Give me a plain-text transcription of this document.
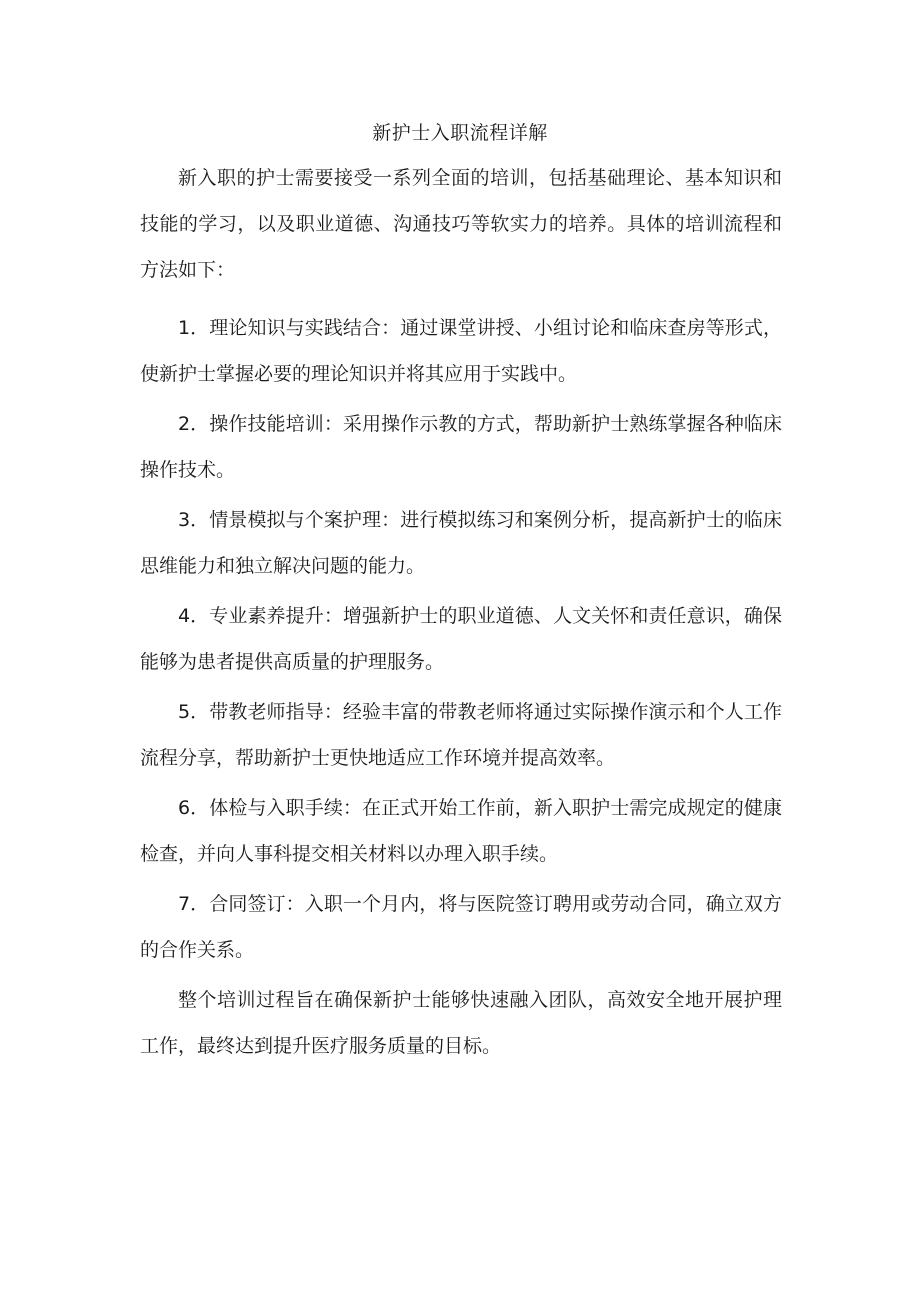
新护士入职流程详解

新入职的护士需要接受一系列全面的培训，包括基础理论、基本知识和技能的学习，以及职业道德、沟通技巧等软实力的培养。具体的培训流程和方法如下：

1．理论知识与实践结合：通过课堂讲授、小组讨论和临床查房等形式，使新护士掌握必要的理论知识并将其应用于实践中。

2．操作技能培训：采用操作示教的方式，帮助新护士熟练掌握各种临床操作技术。

3．情景模拟与个案护理：进行模拟练习和案例分析，提高新护士的临床思维能力和独立解决问题的能力。

4．专业素养提升：增强新护士的职业道德、人文关怀和责任意识，确保能够为患者提供高质量的护理服务。

5．带教老师指导：经验丰富的带教老师将通过实际操作演示和个人工作流程分享，帮助新护士更快地适应工作环境并提高效率。

6．体检与入职手续：在正式开始工作前，新入职护士需完成规定的健康检查，并向人事科提交相关材料以办理入职手续。

7．合同签订：入职一个月内，将与医院签订聘用或劳动合同，确立双方的合作关系。

整个培训过程旨在确保新护士能够快速融入团队，高效安全地开展护理工作，最终达到提升医疗服务质量的目标。
